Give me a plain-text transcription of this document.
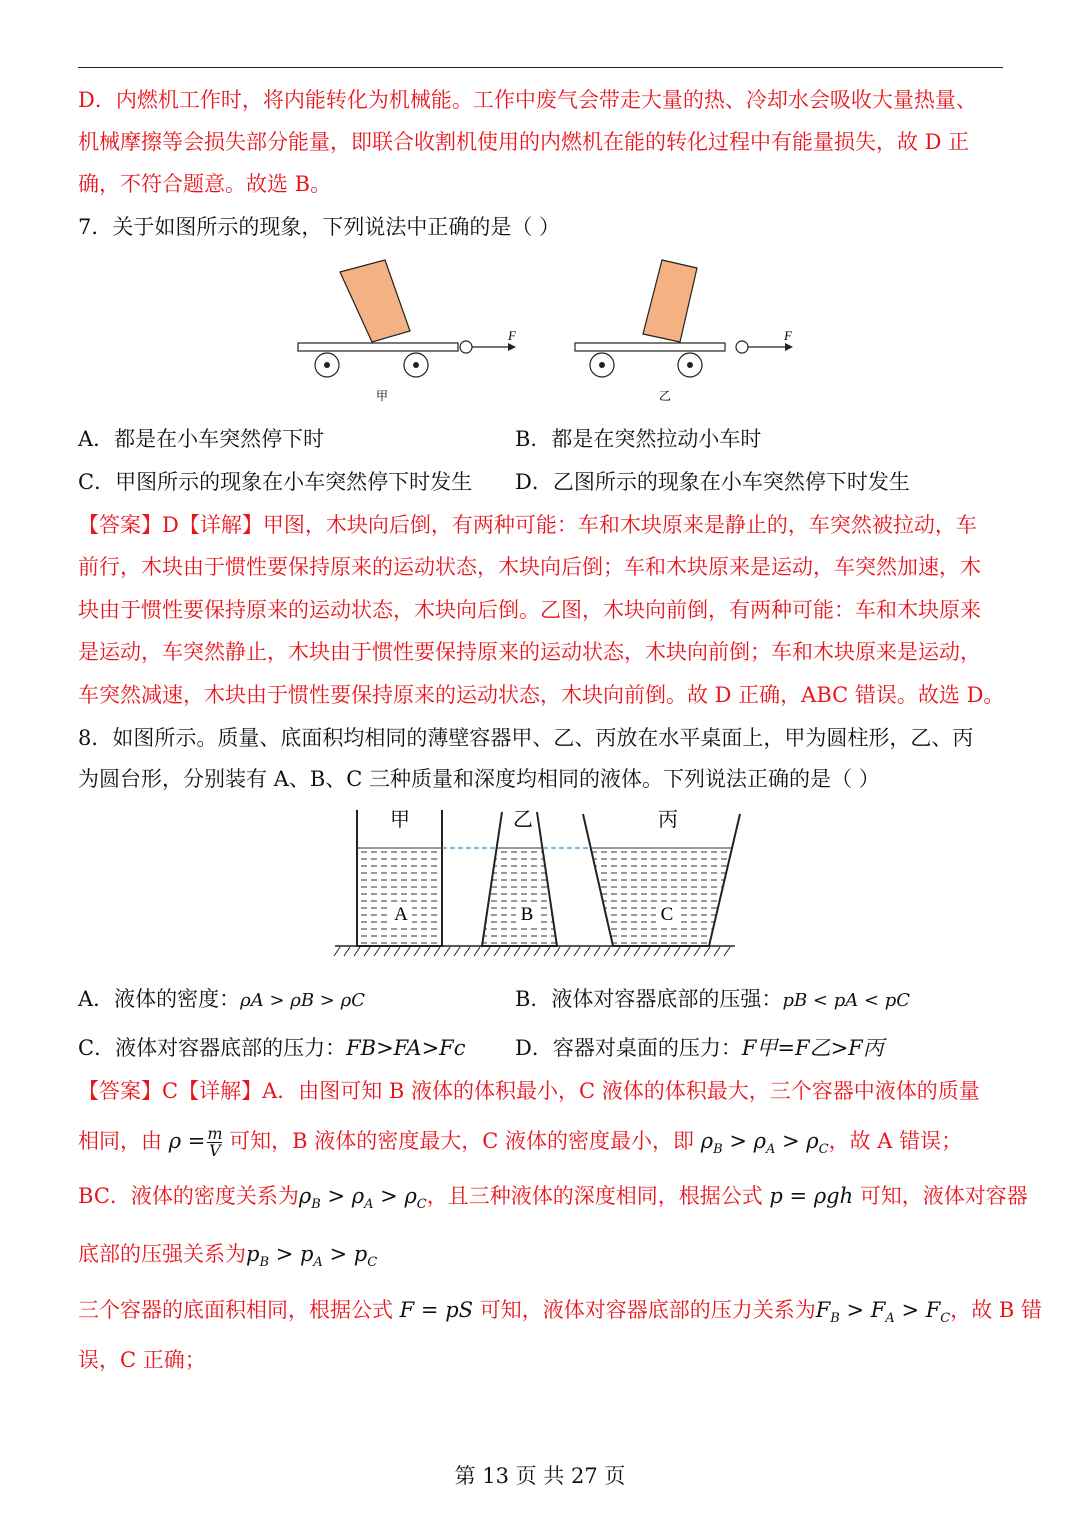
D．内燃机工作时，将内能转化为机械能。工作中废气会带走大量的热、冷却水会吸收大量热量、
机械摩擦等会损失部分能量，即联合收割机使用的内燃机在能的转化过程中有能量损失，故 D 正
确，不符合题意。故选 B。
7．关于如图所示的现象，下列说法中正确的是（ ）
F
甲
F
乙
A．都是在小车突然停下时	B．都是在突然拉动小车时
C．甲图所示的现象在小车突然停下时发生 D．乙图所示的现象在小车突然停下时发生
【答案】D【详解】甲图，木块向后倒，有两种可能：车和木块原来是静止的，车突然被拉动，车
前行，木块由于惯性要保持原来的运动状态，木块向后倒；车和木块原来是运动，车突然加速，木
块由于惯性要保持原来的运动状态，木块向后倒。乙图，木块向前倒，有两种可能：车和木块原来
是运动，车突然静止，木块由于惯性要保持原来的运动状态，木块向前倒；车和木块原来是运动，
车突然减速，木块由于惯性要保持原来的运动状态，木块向前倒。故 D 正确，ABC 错误。故选 D。
8．如图所示。质量、底面积均相同的薄壁容器甲、乙、丙放在水平桌面上，甲为圆柱形，乙、丙
为圆台形，分别装有 A、B、C 三种质量和深度均相同的液体。下列说法正确的是（ ）
甲
A
乙
B
丙
C
A．液体的密度：ρA > ρB > ρC	B．液体对容器底部的压强：pB < pA < pC
C．液体对容器底部的压力：FB>FA>Fc D．容器对桌面的压力：F甲=F乙>F丙
【答案】C【详解】A．由图可知 B 液体的体积最小，C 液体的体积最大，三个容器中液体的质量
相同，由 $\rho = \frac{m}{V}$ 可知，B 液体的密度最大，C 液体的密度最小，即 $\rho_B > \rho_A > \rho_C$，故 A 错误；
BC．液体的密度关系为$\rho_B > \rho_A > \rho_C$，且三种液体的深度相同，根据公式 p = ρgh 可知，液体对容器
底部的压强关系为$p_B > p_A > p_C$
三个容器的底面积相同，根据公式 F = pS 可知，液体对容器底部的压力关系为$F_B > F_A > F_C$，故 B 错
误，C 正确；
第 13 页 共 27 页
